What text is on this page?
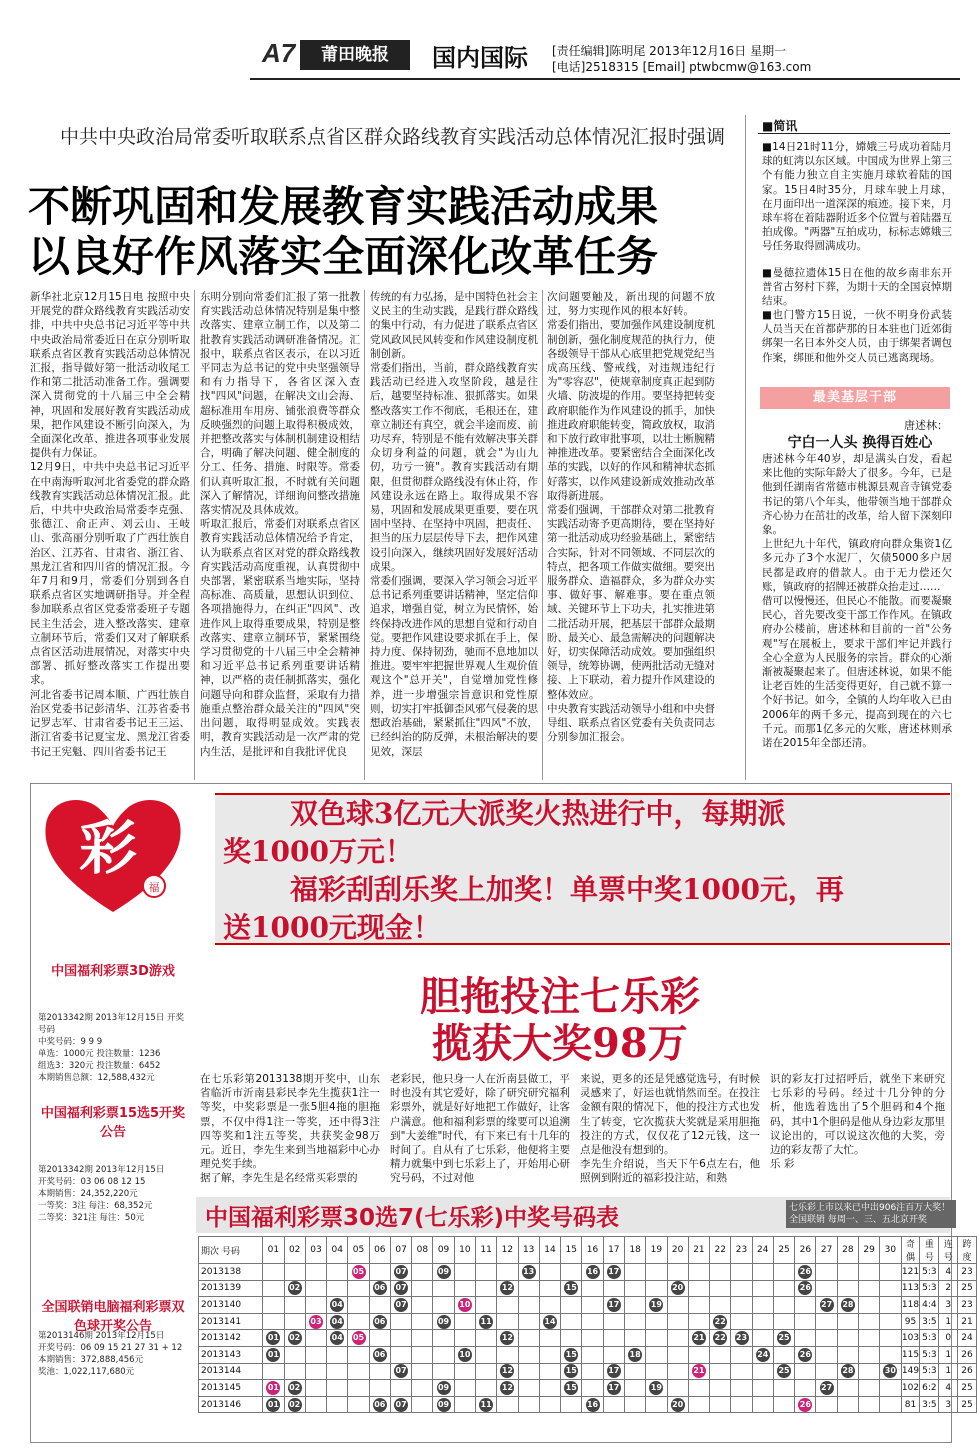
A7	莆田晚报	国内国际 [责任编辑]陈明尾 2013年12月16日 星期一
[电话]2518315 [Email] ptwbcmw@163.com
中共中央政治局常委听取联系点省区群众路线教育实践活动总体情况汇报时强调
不断巩固和发展教育实践活动成果
以良好作风落实全面深化改革任务
新华社北京12月15日电 按照中央开展党的群众路线教育实践活动安排，中共中央总书记习近平等中共中央政治局常委近日在京分别听取联系点省区教育实践活动总体情况汇报，指导做好第一批活动收尾工作和第二批活动准备工作。强调要深入贯彻党的十八届三中全会精神，巩固和发展好教育实践活动成果，把作风建设不断引向深入，为全面深化改革、推进各项事业发展提供有力保证。
12月9日，中共中央总书记习近平在中南海听取河北省委党的群众路线教育实践活动总体情况汇报。此后，中共中央政治局常委李克强、张德江、俞正声、刘云山、王岐山、张高丽分别听取了广西壮族自治区、江苏省、甘肃省、浙江省、黑龙江省和四川省的情况汇报。今年7月和9月，常委们分别到各自联系点省区实地调研指导。并全程参加联系点省区党委常委班子专题民主生活会，进入整改落实、建章立制环节后，常委们又对了解联系点省区活动进展情况，对落实中央部署、抓好整改落实工作提出要求。
河北省委书记周本顺、广西壮族自治区党委书记彭清华、江苏省委书记罗志军、甘肃省委书记王三运、浙江省委书记夏宝龙、黑龙江省委书记王宪魁、四川省委书记王
东明分别向常委们汇报了第一批教育实践活动总体情况特别是集中整改落实、建章立制工作，以及第二批教育实践活动调研准备情况。汇报中，联系点省区表示，在以习近平同志为总书记的党中央坚强领导和有力指导下，各省区深入查找"四风"问题，在解决文山会海、超标准用车用房、铺张浪费等群众反映强烈的问题上取得积极成效，并把整改落实与体制机制建设相结合，明确了解决问题、健全制度的分工、任务、措施、时限等。常委们认真听取汇报，不时就有关问题深入了解情况，详细询问整改措施落实情况及具体成效。
听取汇报后，常委们对联系点省区教育实践活动总体情况给予肯定，认为联系点省区对党的群众路线教育实践活动高度重视，认真贯彻中央部署，紧密联系当地实际，坚持高标准、高质量，思想认识到位、各项措施得力，在纠正"四风"、改进作风上取得重要成果，特别是整改落实、建章立制环节，紧紧围绕学习贯彻党的十八届三中全会精神和习近平总书记系列重要讲话精神，以严格的责任制抓落实，强化问题导向和群众监督，采取有力措施重点整治群众最关注的"四风"突出问题，取得明显成效。实践表明，教育实践活动是一次严肃的党内生活，是批评和自我批评优良
传统的有力弘扬，是中国特色社会主义民主的生动实践，是践行群众路线的集中行动，有力促进了联系点省区党风政风民风转变和作风建设制度机制创新。
常委们指出，当前，群众路线教育实践活动已经进入攻坚阶段，越是往后，越要坚持标准、狠抓落实。如果整改落实工作不彻底，毛根还在，建章立制还有真空，就会半途而废、前功尽弃，特别是不能有效解决事关群众切身利益的问题，就会"为山九仞，功亏一篑"。教育实践活动有期限，但贯彻群众路线没有休止符，作风建设永远在路上。取得成果不容易，巩固和发展成果更重要，要在巩固中坚持、在坚持中巩固，把责任、担当的压力层层传导下去，把作风建设引向深入，继续巩固好发展好活动成果。
常委们强调，要深入学习领会习近平总书记系列重要讲话精神，坚定信仰追求，增强自觉，树立为民情怀，始终保持改进作风的思想自觉和行动自觉。要把作风建设要求抓在手上，保持力度、保持韧劲，驰而不息地加以推进。要牢牢把握世界观人生观价值观这个"总开关"，自觉增加党性修养，进一步增强宗旨意识和党性原则，切实打牢抵御歪风邪气侵袭的思想政治基础，紧紧抓住"四风"不放，已经纠治的防反弹，未根治解决的要见效，深层
次问题要触及，新出现的问题不放过，努力实现作风的根本好转。
常委们指出，要加强作风建设制度机制创新，强化制度规范的执行力，使各级领导干部从心底里把党规党纪当成高压线、警戒线，对违规违纪行为"零容忍"，使规章制度真正起到防火墙、防波堤的作用。要坚持把转变政府职能作为作风建设的抓手，加快推进政府职能转变，简政放权，取消和下放行政审批事项，以壮士断腕精神推进改革。要紧密结合全面深化改革的实践，以好的作风和精神状态抓好落实，以作风建设新成效推动改革取得新进展。
常委们强调，干部群众对第二批教育实践活动寄予更高期待，要在坚持好第一批活动成功经验基础上，紧密结合实际，针对不同领域、不同层次的特点，把各项工作做实做细。要突出服务群众、造福群众，多为群众办实事、做好事、解难事。要在重点领域、关键环节上下功夫，扎实推进第二批活动开展，把基层干部群众最期盼、最关心、最急需解决的问题解决好，切实保障活动成效。要加强组织领导，统筹协调，使两批活动无缝对接、上下联动，着力提升作风建设的整体效应。
中央教育实践活动领导小组和中央督导组、联系点省区党委有关负责同志分别参加汇报会。
■简讯
■14日21时11分，嫦娥三号成功着陆月球的虹湾以东区域。中国成为世界上第三个有能力独立自主实施月球软着陆的国家。15日4时35分，月球车驶上月球，在月面印出一道深深的痕迹。接下来，月球车将在着陆器附近多个位置与着陆器互拍成像。"两器"互拍成功，标标志嫦娥三号任务取得圆满成功。
■曼德拉遗体15日在他的故乡南非东开普省古努村下葬，为期十天的全国哀悼期结束。
■也门警方15日说，一伙不明身份武装人员当天在首都萨那的日本驻也门近郊街绑架一名日本外交人员，由于绑架者调包作案，绑匪和他外交人员已逃离现场。
最美基层干部
唐述林：
宁白一人头 换得百姓心
唐述林今年40岁，却是满头白发，看起来比他的实际年龄大了很多。今年，已是他到任湖南省常德市桃源县观音寺镇党委书记的第八个年头，他带领当地干部群众齐心协力在茁壮的改革，给人留下深刻印象。
上世纪九十年代，镇政府向群众集资1亿多元办了3个水泥厂，欠债5000多户居民都是政府的借款人。由于无力偿还欠账，镇政府的招牌还被群众抬走过……
借可以慢慢还，但民心不能散。而要凝聚民心，首先要改变干部工作作风。在镇政府办公楼前，唐述林和目前的一首"公务观"写在展板上，要求干部们牢记并践行全心全意为人民服务的宗旨。群众的心渐渐被凝聚起来了。但唐述林说，如果不能让老百姓的生活变得更好，自己就不算一个好书记。如今，全镇的人均年收入已由2006年的两千多元，提高到现在的六七千元。而那1亿多元的欠账，唐述林则承诺在2015年全部还清。
彩
福
中国福利彩票3D游戏
第2013342期 2013年12月15日 开奖号码
中奖号码：9 9 9
单选：1000元 投注数量：1236
组选3：320元 投注数量：6452
本期销售总额：12,588,432元
中国福利彩票15选5开奖公告
第2013342期 2013年12月15日
开奖号码：03 06 08 12 15
本期销售：24,352,220元
一等奖：3注 每注：68,352元
二等奖：321注 每注：50元
全国联销电脑福利彩票双色球开奖公告
第2013146期 2013年12月15日
开奖号码：06 09 15 21 27 31 + 12
本期销售：372,888,456元
奖池：1,022,117,680元
双色球3亿元大派奖火热进行中，每期派
奖1000万元！
福彩刮刮乐奖上加奖！单票中奖1000元，再
送1000元现金！
胆拖投注七乐彩
揽获大奖98万
在七乐彩第2013138期开奖中，山东省临沂市沂南县彩民李先生揽获1注一等奖，中奖彩票是一张5胆4拖的胆拖票，不仅中得1注一等奖，还中得3注四等奖和1注五等奖，共获奖金98万元。近日，李先生来到当地福彩中心办理兑奖手续。
据了解，李先生是名经常买彩票的
老彩民，他只身一人在沂南县做工，平时也没有其它爱好，除了研究研究福利彩票外，就是好好地把工作做好，让客户满意。他和福利彩票的缘要可以追溯到"大姜维"时代，有下来已有十几年的时间了。自从有了七乐彩，他便将主要精力就集中到七乐彩上了，开始用心研究号码，不过对他
来说，更多的还是凭感觉选号，有时候灵感来了，好运也就悄然而至。在投注金额有限的情况下，他的投注方式也发生了转变，它次揽获大奖就是采用胆拖投注的方式，仅仅花了12元钱，这一点是他没有想到的。
李先生介绍说，当天下午6点左右，他照例到附近的福彩投注站，和熟
识的彩友打过招呼后，就坐下来研究七乐彩的号码。经过十几分钟的分析，他选着选出了5个胆码和4个拖码，其中1个胆码是他从身边彩友那里议论出的，可以说这次他的大奖，旁边的彩友帮了大忙。
乐 彩
中国福利彩票30选7(七乐彩)中奖号码表	七乐彩上市以来已中出906注百万大奖！ 全国联销 每周一、三、五北京开奖
期次 号码	01	02	03	04	05	06	07	08	09	10	11	12	13	14	15	16	17	18	19	20	21	22	23	24	25	26	27	28	29	30	奇偶	重号	连号	跨度
2013138					05		07		09				13			16	17									26					121	5:3	4	23
2013139		02				06	07					12			15					20						26					113	5:3	2	25
2013140				04			07			10							17		19								27	28			118	4:4	3	23
2013141			03	04		06			09		11			14								22									95	3:5	1	21
2013142	01	02		04	05							12									21	22	23		25						103	5:3	0	24
2013143	01					06				10					15			18						24		26					115	5:3	1	26
2013144							07					12			15		17				21				25			28		30	149	5:3	1	26
2013145	01	02							09			12			15		17		19								27				102	6:2	4	25
2013146	01	02				06	07		09		11					16				20						26					81	3:5	3	25
